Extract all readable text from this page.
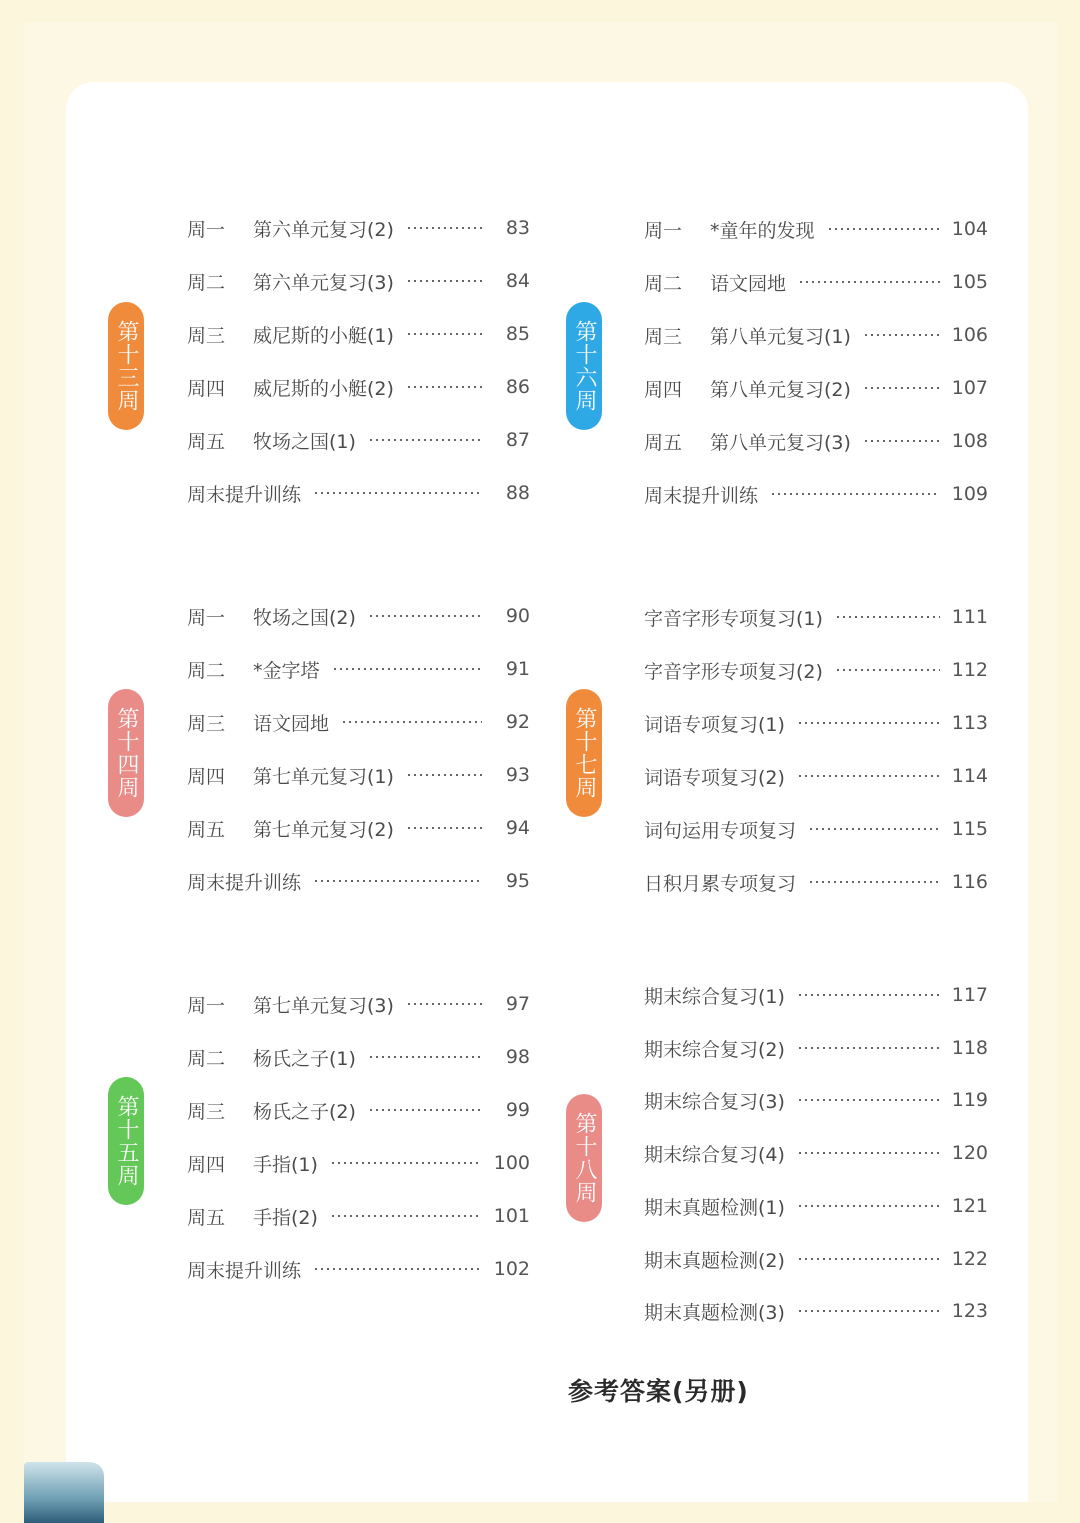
第十三周
周一	第六单元复习(2)	83
周二	第六单元复习(3)	84
周三	威尼斯的小艇(1)	85
周四	威尼斯的小艇(2)	86
周五	牧场之国(1)	87
周末提升训练	88
第十四周
周一	牧场之国(2)	90
周二	*金字塔	91
周三	语文园地	92
周四	第七单元复习(1)	93
周五	第七单元复习(2)	94
周末提升训练	95
第十五周
周一	第七单元复习(3)	97
周二	杨氏之子(1)	98
周三	杨氏之子(2)	99
周四	手指(1)	100
周五	手指(2)	101
周末提升训练	102
第十六周
周一	*童年的发现	104
周二	语文园地	105
周三	第八单元复习(1)	106
周四	第八单元复习(2)	107
周五	第八单元复习(3)	108
周末提升训练	109
第十七周
字音字形专项复习(1)	111
字音字形专项复习(2)	112
词语专项复习(1)	113
词语专项复习(2)	114
词句运用专项复习	115
日积月累专项复习	116
第十八周
期末综合复习(1)	117
期末综合复习(2)	118
期末综合复习(3)	119
期末综合复习(4)	120
期末真题检测(1)	121
期末真题检测(2)	122
期末真题检测(3)	123
参考答案(另册)
